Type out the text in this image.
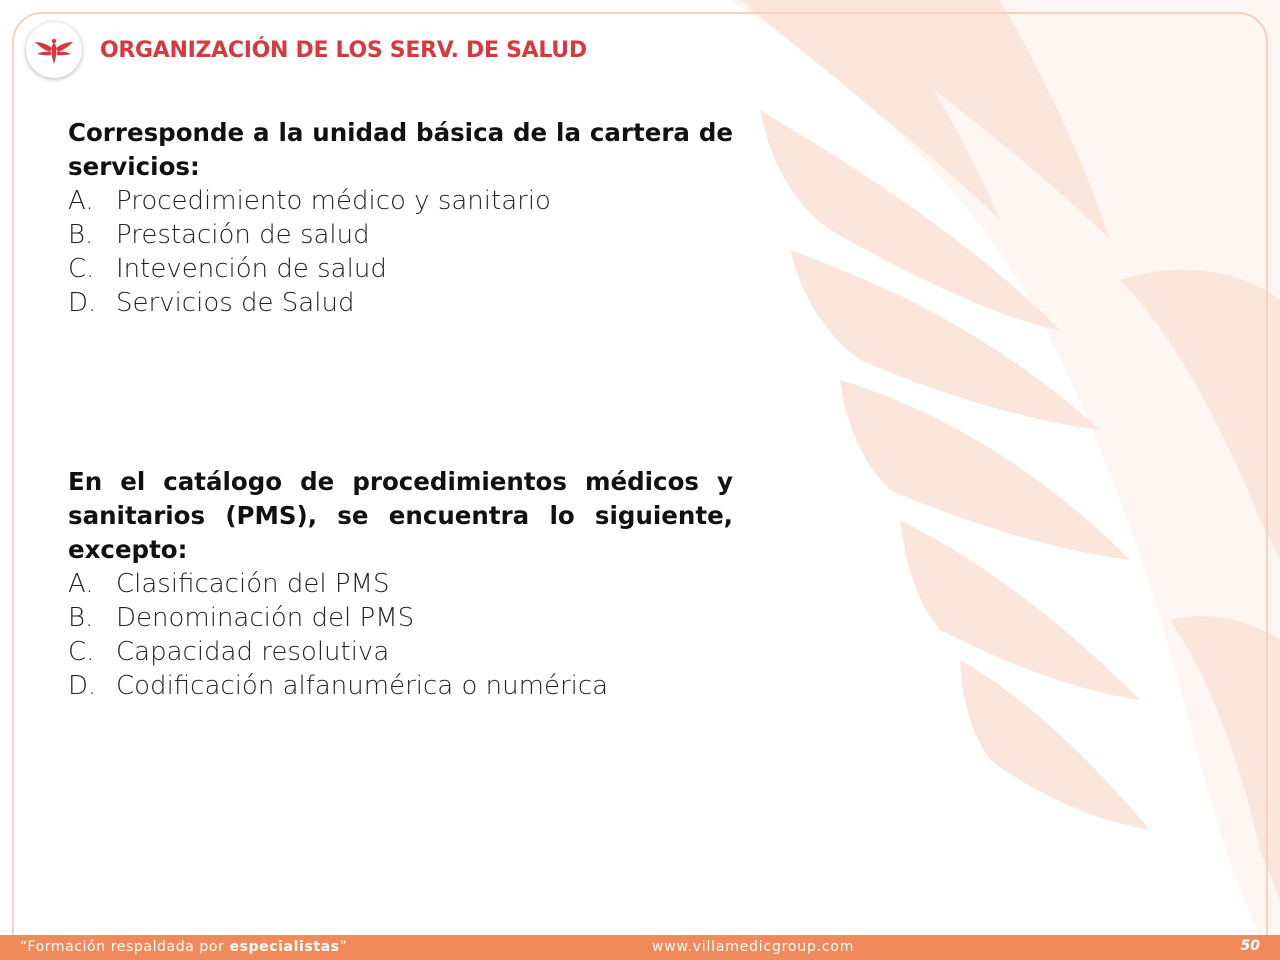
ORGANIZACIÓN DE LOS SERV. DE SALUD

Corresponde a la unidad básica de la cartera de servicios:

A. Procedimiento médico y sanitario
B. Prestación de salud
C. Intevención de salud
D. Servicios de Salud

En el catálogo de procedimientos médicos y sanitarios (PMS), se encuentra lo siguiente, excepto:

A. Clasificación del PMS
B. Denominación del PMS
C. Capacidad resolutiva
D. Codificación alfanumérica o numérica
“Formación respaldada por especialistas”	www.villamedicgroup.com	50
